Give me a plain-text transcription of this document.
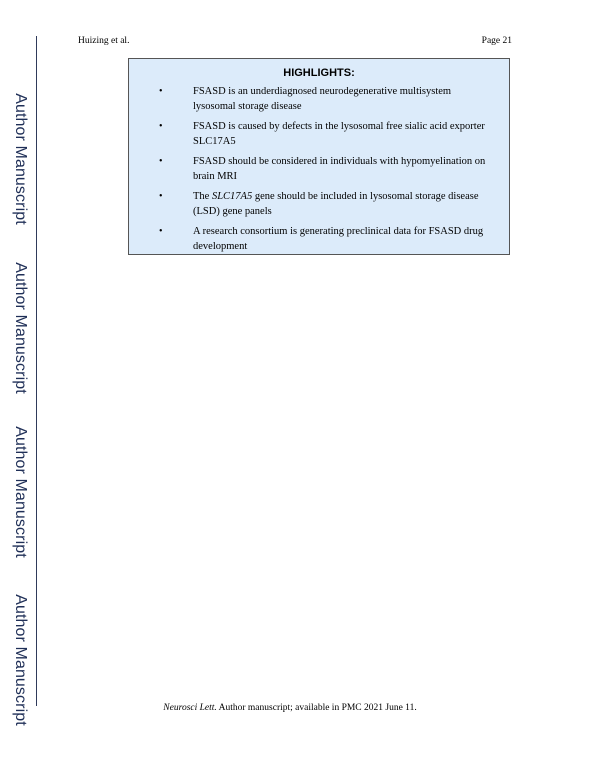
Author Manuscript
Author Manuscript
Author Manuscript
Author Manuscript
Huizing et al.	Page 21
HIGHLIGHTS:
•	FSASD is an underdiagnosed neurodegenerative multisystem lysosomal storage disease
•	FSASD is caused by defects in the lysosomal free sialic acid exporter SLC17A5
•	FSASD should be considered in individuals with hypomyelination on brain MRI
•	The SLC17A5 gene should be included in lysosomal storage disease (LSD) gene panels
•	A research consortium is generating preclinical data for FSASD drug development
Neurosci Lett. Author manuscript; available in PMC 2021 June 11.
